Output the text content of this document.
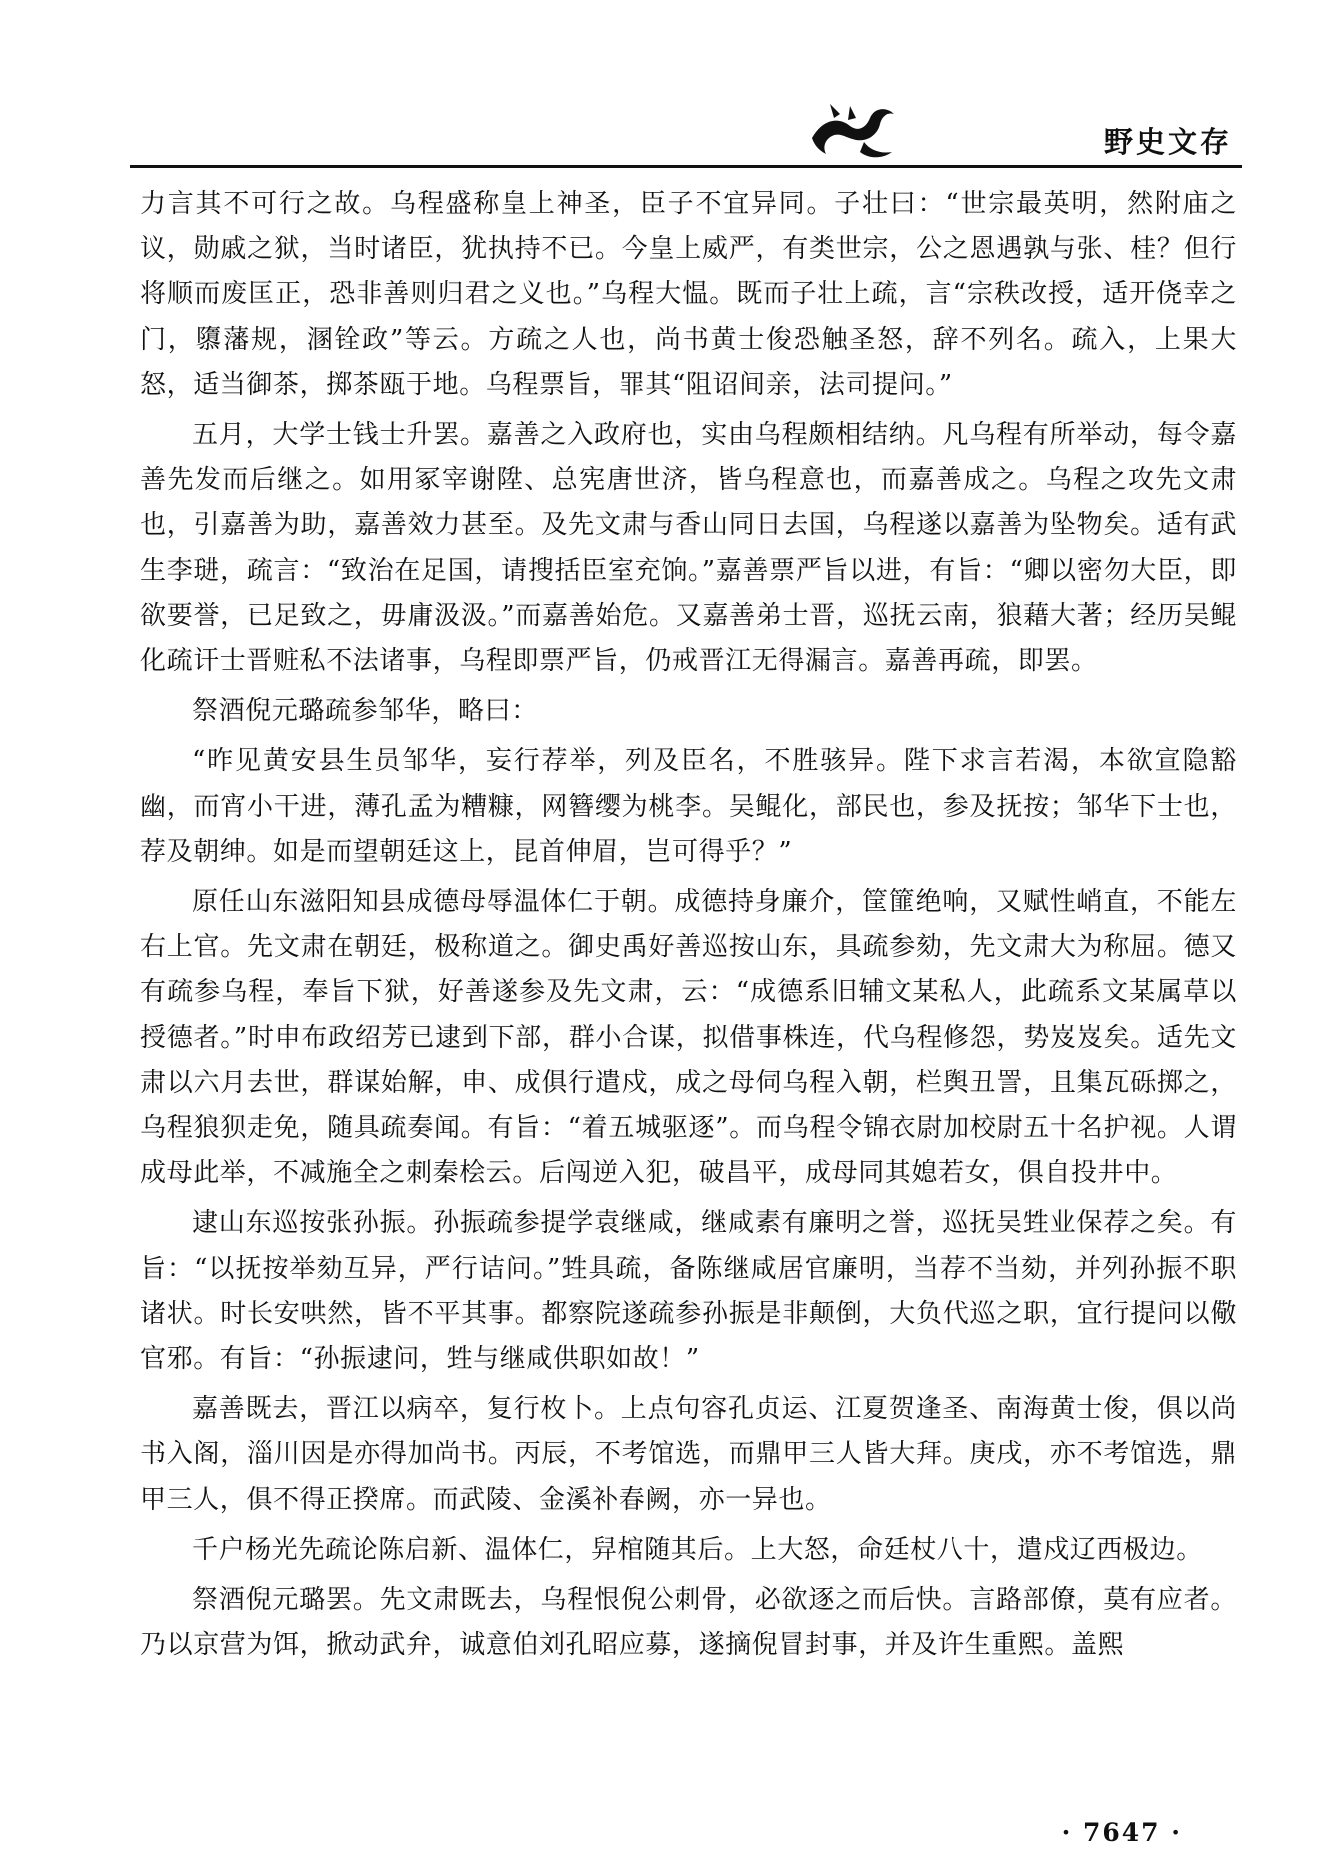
野史文存

力言其不可行之故。乌程盛称皇上神圣，臣子不宜异同。子壮曰：“世宗最英明，然附庙之议，勋戚之狱，当时诸臣，犹执持不已。今皇上威严，有类世宗，公之恩遇孰与张、桂？但行将顺而废匡正，恐非善则归君之义也。”乌程大愠。既而子壮上疏，言“宗秩改授，适开侥幸之门，隳藩规，溷铨政”等云。方疏之人也，尚书黄士俊恐触圣怒，辞不列名。疏入，上果大怒，适当御茶，掷茶瓯于地。乌程票旨，罪其“阻诏间亲，法司提问。”

五月，大学士钱士升罢。嘉善之入政府也，实由乌程颇相结纳。凡乌程有所举动，每令嘉善先发而后继之。如用冢宰谢陞、总宪唐世济，皆乌程意也，而嘉善成之。乌程之攻先文肃也，引嘉善为助，嘉善效力甚至。及先文肃与香山同日去国，乌程遂以嘉善为坠物矣。适有武生李琎，疏言：“致治在足国，请搜括臣室充饷。”嘉善票严旨以进，有旨：“卿以密勿大臣，即欲要誉，已足致之，毋庸汲汲。”而嘉善始危。又嘉善弟士晋，巡抚云南，狼藉大著；经历吴鲲化疏讦士晋赃私不法诸事，乌程即票严旨，仍戒晋江无得漏言。嘉善再疏，即罢。

祭酒倪元璐疏参邹华，略曰：

“昨见黄安县生员邹华，妄行荐举，列及臣名，不胜骇异。陛下求言若渴，本欲宣隐豁幽，而宵小干进，薄孔孟为糟糠，网簪缨为桃李。吴鲲化，部民也，参及抚按；邹华下士也，荐及朝绅。如是而望朝廷这上，昆首伸眉，岂可得乎？”

原任山东滋阳知县成德母辱温体仁于朝。成德持身廉介，筐篚绝响，又赋性峭直，不能左右上官。先文肃在朝廷，极称道之。御史禹好善巡按山东，具疏参劾，先文肃大为称屈。德又有疏参乌程，奉旨下狱，好善遂参及先文肃，云：“成德系旧辅文某私人，此疏系文某属草以授德者。”时申布政绍芳已逮到下部，群小合谋，拟借事株连，代乌程修怨，势岌岌矣。适先文肃以六月去世，群谋始解，申、成俱行遣戍，成之母伺乌程入朝，栏舆丑詈，且集瓦砾掷之，乌程狼狈走免，随具疏奏闻。有旨：“着五城驱逐”。而乌程令锦衣尉加校尉五十名护视。人谓成母此举，不减施全之刺秦桧云。后闯逆入犯，破昌平，成母同其媳若女，俱自投井中。

逮山东巡按张孙振。孙振疏参提学袁继咸，继咸素有廉明之誉，巡抚吴甡业保荐之矣。有旨：“以抚按举劾互异，严行诘问。”甡具疏，备陈继咸居官廉明，当荐不当劾，并列孙振不职诸状。时长安哄然，皆不平其事。都察院遂疏参孙振是非颠倒，大负代巡之职，宜行提问以儆官邪。有旨：“孙振逮问，甡与继咸供职如故！”

嘉善既去，晋江以病卒，复行枚卜。上点句容孔贞运、江夏贺逢圣、南海黄士俊，俱以尚书入阁，淄川因是亦得加尚书。丙辰，不考馆选，而鼎甲三人皆大拜。庚戌，亦不考馆选，鼎甲三人，俱不得正揆席。而武陵、金溪补春阙，亦一异也。

千户杨光先疏论陈启新、温体仁，舁棺随其后。上大怒，命廷杖八十，遣戍辽西极边。

祭酒倪元璐罢。先文肃既去，乌程恨倪公刺骨，必欲逐之而后快。言路部僚，莫有应者。乃以京营为饵，掀动武弁，诚意伯刘孔昭应募，遂摘倪冒封事，并及许生重熙。盖熙

· 7647 ·
